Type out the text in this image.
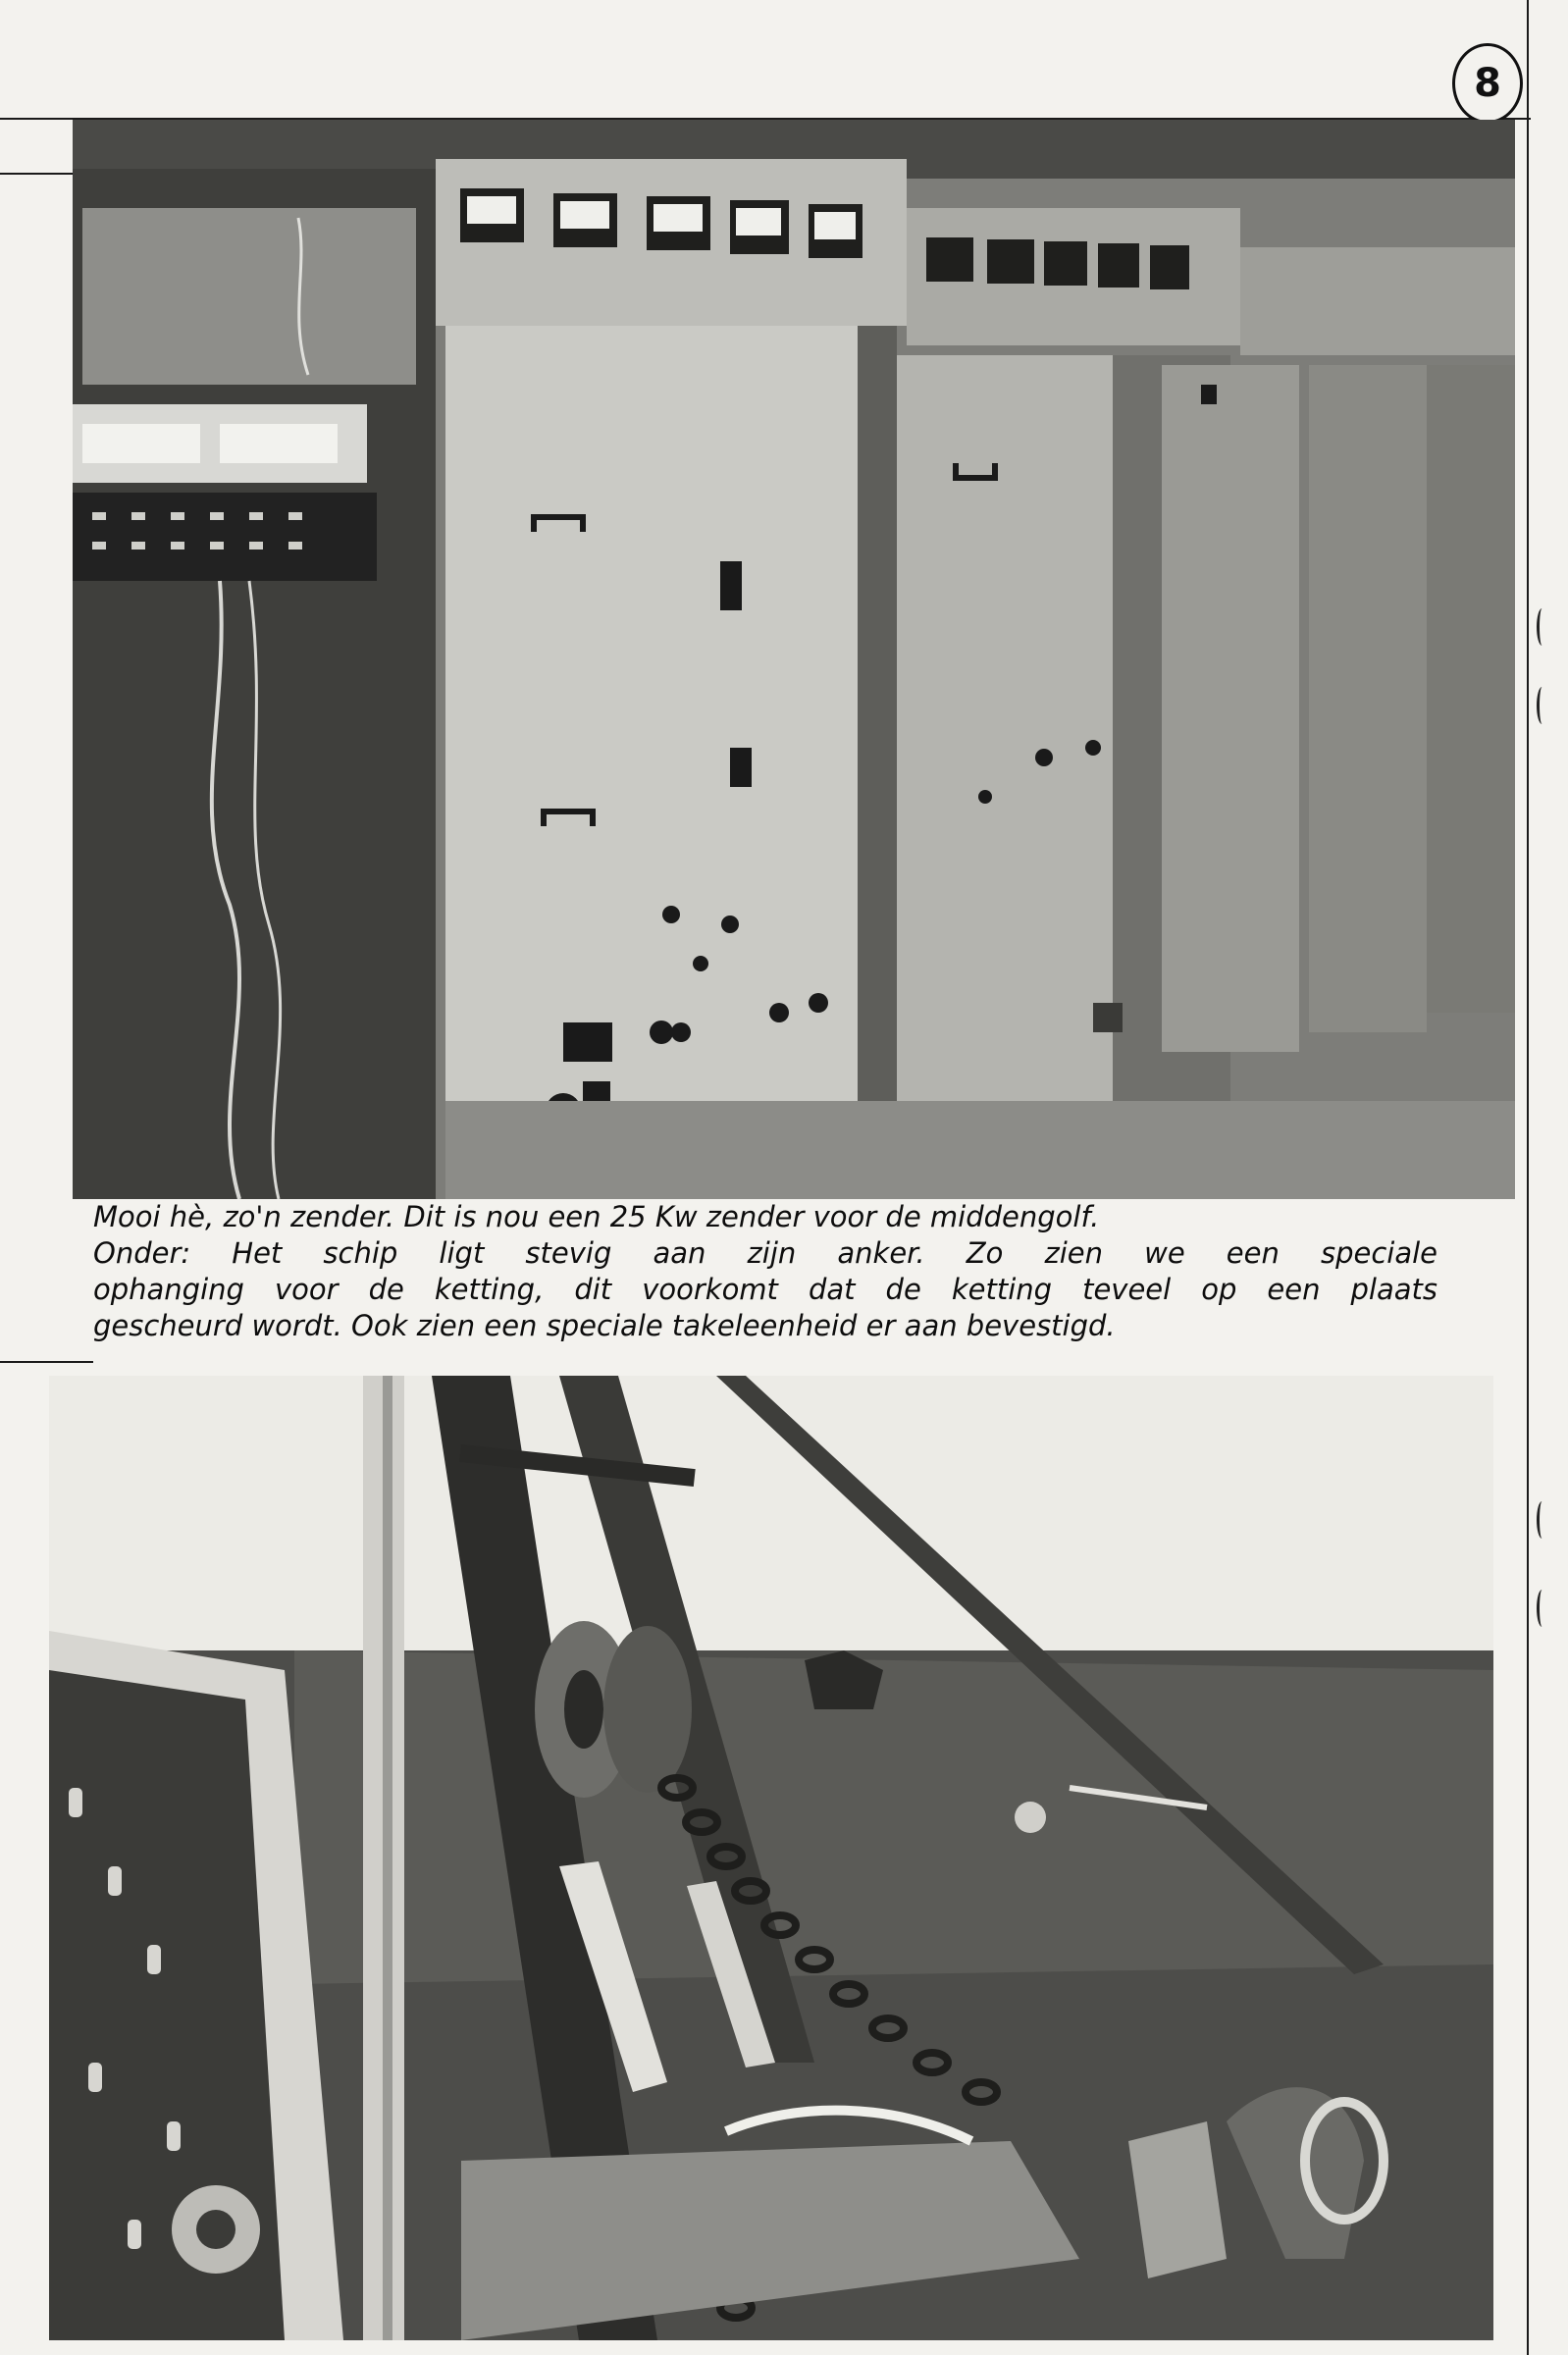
8
Mooi hè, zo'n zender. Dit is nou een 25 Kw zender voor de middengolf.
Onder: Het schip ligt stevig aan zijn anker. Zo zien we een speciale
ophanging voor de ketting, dit voorkomt dat de ketting teveel op een plaats
gescheurd wordt. Ook zien een speciale takeleenheid er aan bevestigd.
